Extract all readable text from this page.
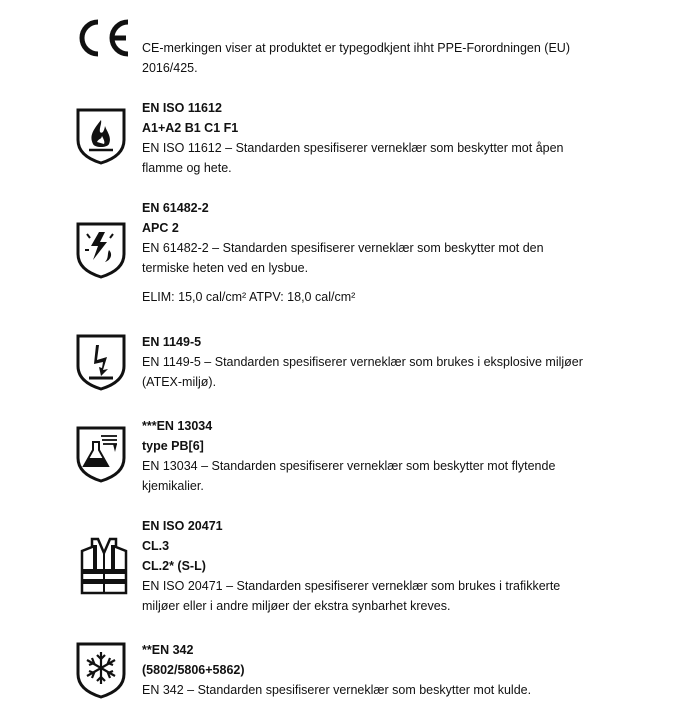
CE-merkingen viser at produktet er typegodkjent ihht PPE-Forordningen (EU) 2016/425.
EN ISO 11612
A1+A2 B1 C1 F1
EN ISO 11612 – Standarden spesifiserer verneklær som beskytter mot åpen flamme og hete.
EN 61482-2
APC 2
EN 61482-2 – Standarden spesifiserer verneklær som beskytter mot den termiske heten ved en lysbue.
ELIM: 15,0 cal/cm² ATPV: 18,0 cal/cm²
EN 1149-5
EN 1149-5 – Standarden spesifiserer verneklær som brukes i eksplosive miljøer (ATEX-miljø).
***EN 13034
type PB[6]
EN 13034 – Standarden spesifiserer verneklær som beskytter mot flytende kjemikalier.
EN ISO 20471
CL.3
CL.2* (S-L)
EN ISO 20471 – Standarden spesifiserer verneklær som brukes i trafikkerte miljøer eller i andre miljøer der ekstra synbarhet kreves.
**EN 342
(5802/5806+5862)
EN 342 – Standarden spesifiserer verneklær som beskytter mot kulde.
